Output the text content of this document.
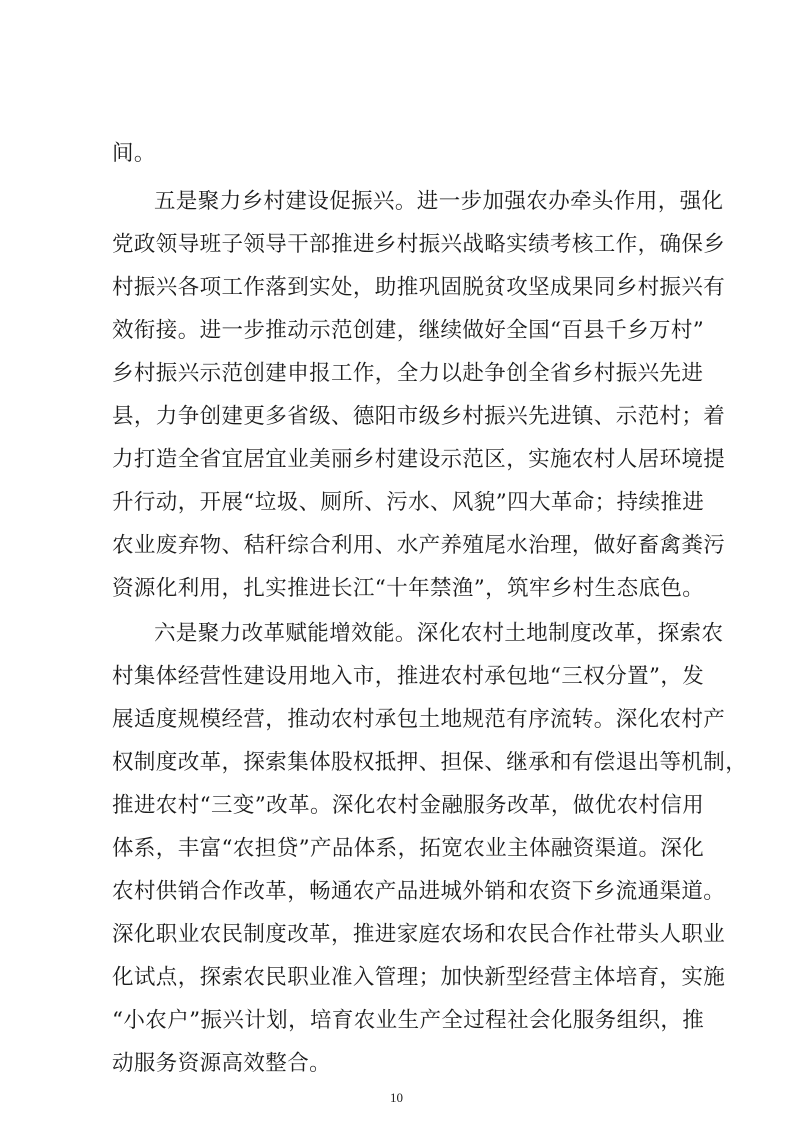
间。
五是聚力乡村建设促振兴。进一步加强农办牵头作用，强化
党政领导班子领导干部推进乡村振兴战略实绩考核工作，确保乡
村振兴各项工作落到实处，助推巩固脱贫攻坚成果同乡村振兴有
效衔接。进一步推动示范创建，继续做好全国“百县千乡万村”
乡村振兴示范创建申报工作，全力以赴争创全省乡村振兴先进
县，力争创建更多省级、德阳市级乡村振兴先进镇、示范村；着
力打造全省宜居宜业美丽乡村建设示范区，实施农村人居环境提
升行动，开展“垃圾、厕所、污水、风貌”四大革命；持续推进
农业废弃物、秸秆综合利用、水产养殖尾水治理，做好畜禽粪污
资源化利用，扎实推进长江“十年禁渔”，筑牢乡村生态底色。
六是聚力改革赋能增效能。深化农村土地制度改革，探索农
村集体经营性建设用地入市，推进农村承包地“三权分置”，发
展适度规模经营，推动农村承包土地规范有序流转。深化农村产
权制度改革，探索集体股权抵押、担保、继承和有偿退出等机制，
推进农村“三变”改革。深化农村金融服务改革，做优农村信用
体系，丰富“农担贷”产品体系，拓宽农业主体融资渠道。深化
农村供销合作改革，畅通农产品进城外销和农资下乡流通渠道。
深化职业农民制度改革，推进家庭农场和农民合作社带头人职业
化试点，探索农民职业准入管理；加快新型经营主体培育，实施
“小农户”振兴计划，培育农业生产全过程社会化服务组织，推
动服务资源高效整合。
10
